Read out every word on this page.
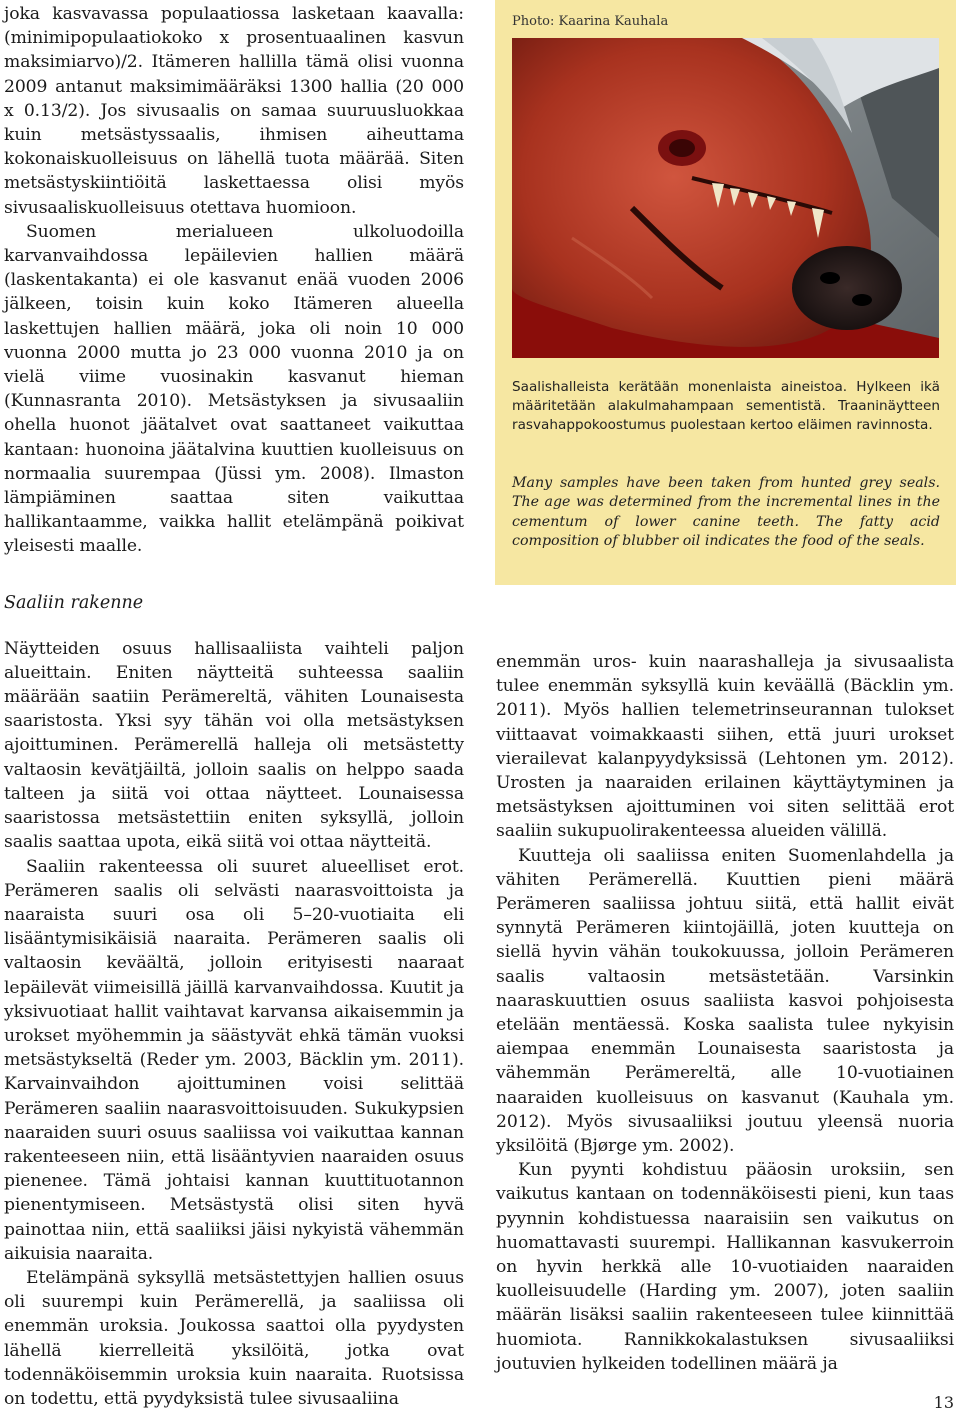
joka kasvavassa populaatiossa lasketaan kaavalla: (minimipopulaatiokoko x prosentuaalinen kasvun maksimiarvo)/2. Itämeren hallilla tämä olisi vuonna 2009 antanut maksimimääräksi 1300 hallia (20 000 x 0.13/2). Jos sivusaalis on samaa suuruusluokkaa kuin metsästyssaalis, ihmisen aiheuttama kokonaiskuolleisuus on lähellä tuota määrää. Siten metsästyskiintiöitä laskettaessa olisi myös sivusaaliskuolleisuus otettava huomioon.

Suomen merialueen ulkoluodoilla karvanvaihdossa lepäilevien hallien määrä (laskentakanta) ei ole kasvanut enää vuoden 2006 jälkeen, toisin kuin koko Itämeren alueella laskettujen hallien määrä, joka oli noin 10 000 vuonna 2000 mutta jo 23 000 vuonna 2010 ja on vielä viime vuosinakin kasvanut hieman (Kunnasranta 2010). Metsästyksen ja sivusaaliin ohella huonot jäätalvet ovat saattaneet vaikuttaa kantaan: huonoina jäätalvina kuuttien kuolleisuus on normaalia suurempaa (Jüssi ym. 2008). Ilmaston lämpiäminen saattaa siten vaikuttaa hallikantaamme, vaikka hallit etelämpänä poikivat yleisesti maalle.

Saaliin rakenne

Näytteiden osuus hallisaaliista vaihteli paljon alueittain. Eniten näytteitä suhteessa saaliin määrään saatiin Perämereltä, vähiten Lounaisesta saaristosta. Yksi syy tähän voi olla metsästyksen ajoittuminen. Perämerellä halleja oli metsästetty valtaosin kevätjäiltä, jolloin saalis on helppo saada talteen ja siitä voi ottaa näytteet. Lounaisessa saaristossa metsästettiin eniten syksyllä, jolloin saalis saattaa upota, eikä siitä voi ottaa näytteitä.

Saaliin rakenteessa oli suuret alueelliset erot. Perämeren saalis oli selvästi naarasvoittoista ja naaraista suuri osa oli 5–20-vuotiaita eli lisääntymisikäisiä naaraita. Perämeren saalis oli valtaosin keväältä, jolloin erityisesti naaraat lepäilevät viimeisillä jäillä karvanvaihdossa. Kuutit ja yksivuotiaat hallit vaihtavat karvansa aikaisemmin ja urokset myöhemmin ja säästyvät ehkä tämän vuoksi metsästykseltä (Reder ym. 2003, Bäcklin ym. 2011). Karvainvaihdon ajoittuminen voisi selittää Perämeren saaliin naarasvoittoisuuden. Sukukypsien naaraiden suuri osuus saaliissa voi vaikuttaa kannan rakenteeseen niin, että lisääntyvien naaraiden osuus pienenee. Tämä johtaisi kannan kuuttituotannon pienentymiseen. Metsästystä olisi siten hyvä painottaa niin, että saaliiksi jäisi nykyistä vähemmän aikuisia naaraita.

Etelämpänä syksyllä metsästettyjen hallien osuus oli suurempi kuin Perämerellä, ja saaliissa oli enemmän uroksia. Joukossa saattoi olla pyydysten lähellä kierrelleitä yksilöitä, jotka ovat todennäköisemmin uroksia kuin naaraita. Ruotsissa on todettu, että pyydyksistä tulee sivusaaliina

Photo: Kaarina Kauhala

Saalishalleista kerätään monenlaista aineistoa. Hylkeen ikä määritetään alakulmahampaan sementistä. Traaninäytteen rasvahappokoostumus puolestaan kertoo eläimen ravinnosta.

Many samples have been taken from hunted grey seals. The age was determined from the incremental lines in the cementum of lower canine teeth. The fatty acid composition of blubber oil indicates the food of the seals.

enemmän uros- kuin naarashalleja ja sivusaalista tulee enemmän syksyllä kuin keväällä (Bäcklin ym. 2011). Myös hallien telemetrinseurannan tulokset viittaavat voimakkaasti siihen, että juuri urokset vierailevat kalanpyydyksissä (Lehtonen ym. 2012). Urosten ja naaraiden erilainen käyttäytyminen ja metsästyksen ajoittuminen voi siten selittää erot saaliin sukupuolirakenteessa alueiden välillä.

Kuutteja oli saaliissa eniten Suomenlahdella ja vähiten Perämerellä. Kuuttien pieni määrä Perämeren saaliissa johtuu siitä, että hallit eivät synnytä Perämeren kiintojäillä, joten kuutteja on siellä hyvin vähän toukokuussa, jolloin Perämeren saalis valtaosin metsästetään. Varsinkin naaraskuuttien osuus saaliista kasvoi pohjoisesta etelään mentäessä. Koska saalista tulee nykyisin aiempaa enemmän Lounaisesta saaristosta ja vähemmän Perämereltä, alle 10-vuotiainen naaraiden kuolleisuus on kasvanut (Kauhala ym. 2012). Myös sivusaaliiksi joutuu yleensä nuoria yksilöitä (Bjørge ym. 2002).

Kun pyynti kohdistuu pääosin uroksiin, sen vaikutus kantaan on todennäköisesti pieni, kun taas pyynnin kohdistuessa naaraisiin sen vaikutus on huomattavasti suurempi. Hallikannan kasvukerroin on hyvin herkkä alle 10-vuotiaiden naaraiden kuolleisuudelle (Harding ym. 2007), joten saaliin määrän lisäksi saaliin rakenteeseen tulee kiinnittää huomiota. Rannikkokalastuksen sivusaaliiksi joutuvien hylkeiden todellinen määrä ja

13
